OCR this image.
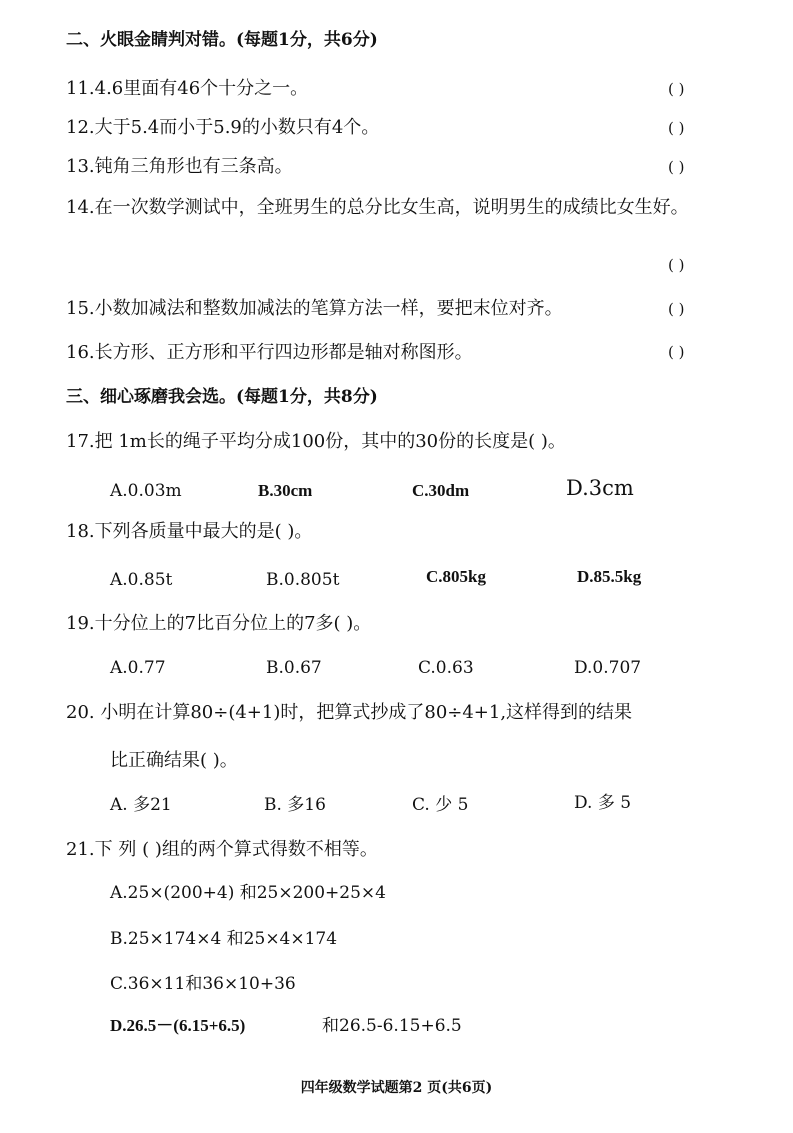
二、火眼金睛判对错。(每题1分，共6分)
11.4.6里面有46个十分之一。	( )
12.大于5.4而小于5.9的小数只有4个。	( )
13.钝角三角形也有三条高。	( )
14.在一次数学测试中，全班男生的总分比女生高，说明男生的成绩比女生好。
( )
15.小数加减法和整数加减法的笔算方法一样，要把末位对齐。	( )
16.长方形、正方形和平行四边形都是轴对称图形。	( )
三、细心琢磨我会选。(每题1分，共8分)
17.把 1m长的绳子平均分成100份，其中的30份的长度是( )。
A.0.03m	B.30cm	C.30dm	D.3cm
18.下列各质量中最大的是( )。
A.0.85t	B.0.805t	C.805kg	D.85.5kg
19.十分位上的7比百分位上的7多( )。
A.0.77	B.0.67	C.0.63	D.0.707
20. 小明在计算80÷(4+1)时，把算式抄成了80÷4+1,这样得到的结果
比正确结果( )。
A. 多21	B. 多16	C. 少 5	D. 多 5
21.下 列 ( )组的两个算式得数不相等。
A.25×(200+4) 和25×200+25×4
B.25×174×4 和25×4×174
C.36×11和36×10+36
D.26.5－(6.15+6.5)	和26.5-6.15+6.5
四年级数学试题第2 页(共6页)
